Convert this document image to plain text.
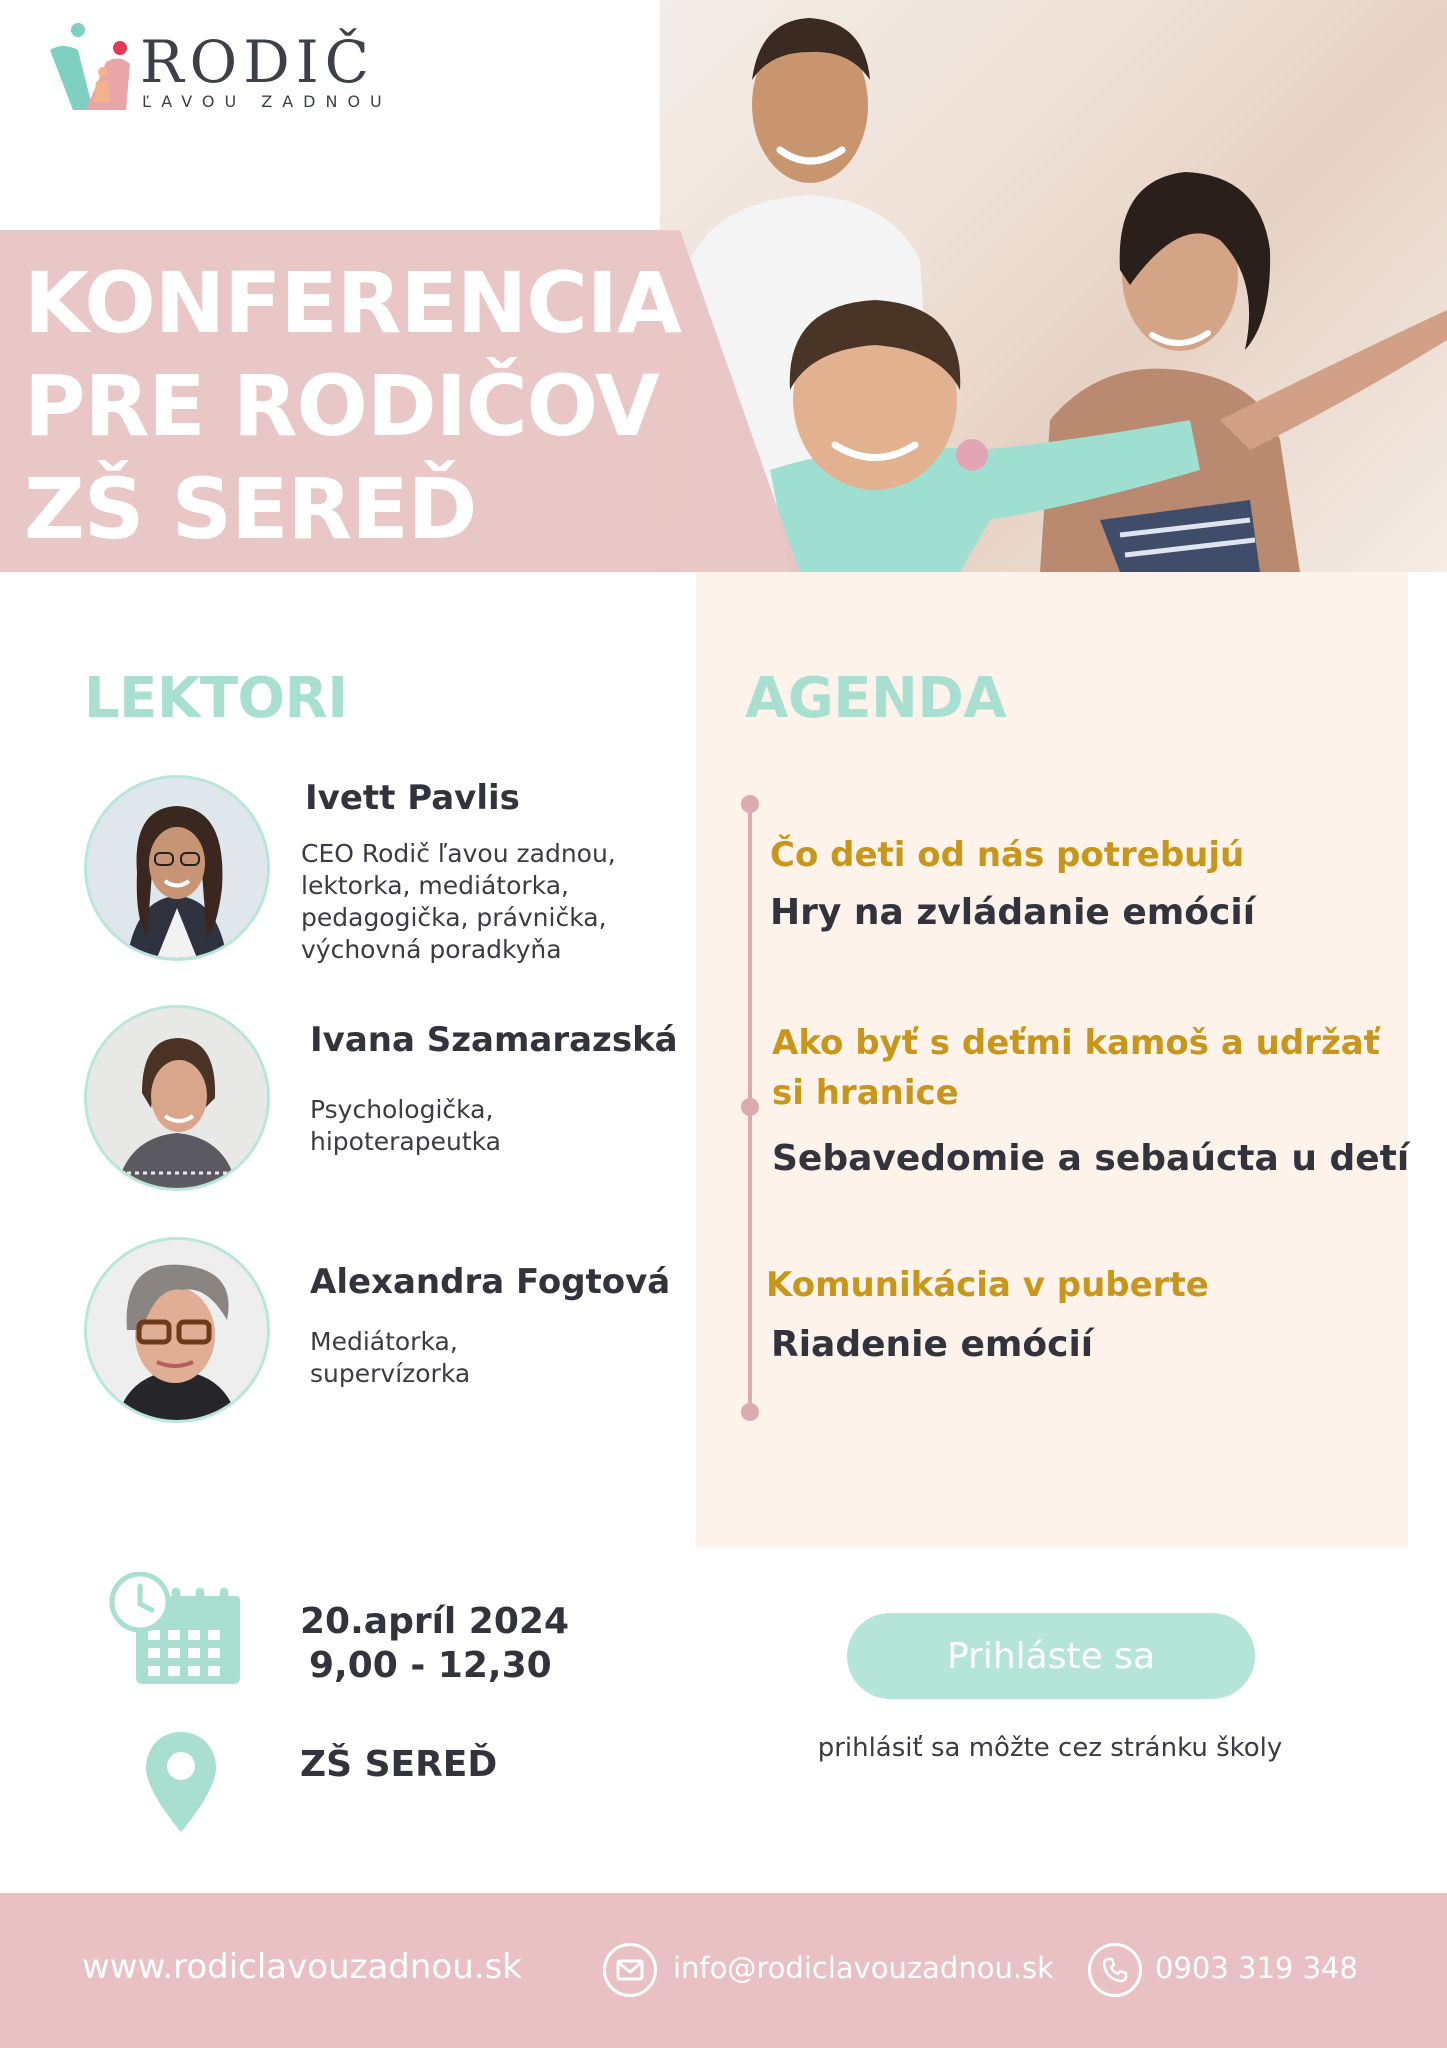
KONFERENCIA
PRE RODIČOV
ZŠ SEREĎ
RODIČ
ĽAVOU ZADNOU
LEKTORI
Ivett Pavlis
CEO Rodič ľavou zadnou,
lektorka, mediátorka,
pedagogička, právnička,
výchovná poradkyňa
Ivana Szamarazská
Psychologička,
hipoterapeutka
Alexandra Fogtová
Mediátorka,
supervízorka
AGENDA
Čo deti od nás potrebujú
Hry na zvládanie emócií
Ako byť s deťmi kamoš a udržať
si hranice
Sebavedomie a sebaúcta u detí
Komunikácia v puberte
Riadenie emócií
20.apríl 2024
9,00 - 12,30
ZŠ SEREĎ
Prihláste sa
prihlásiť sa môžte cez stránku školy
www.rodiclavouzadnou.sk	info@rodiclavouzadnou.sk	0903 319 348
